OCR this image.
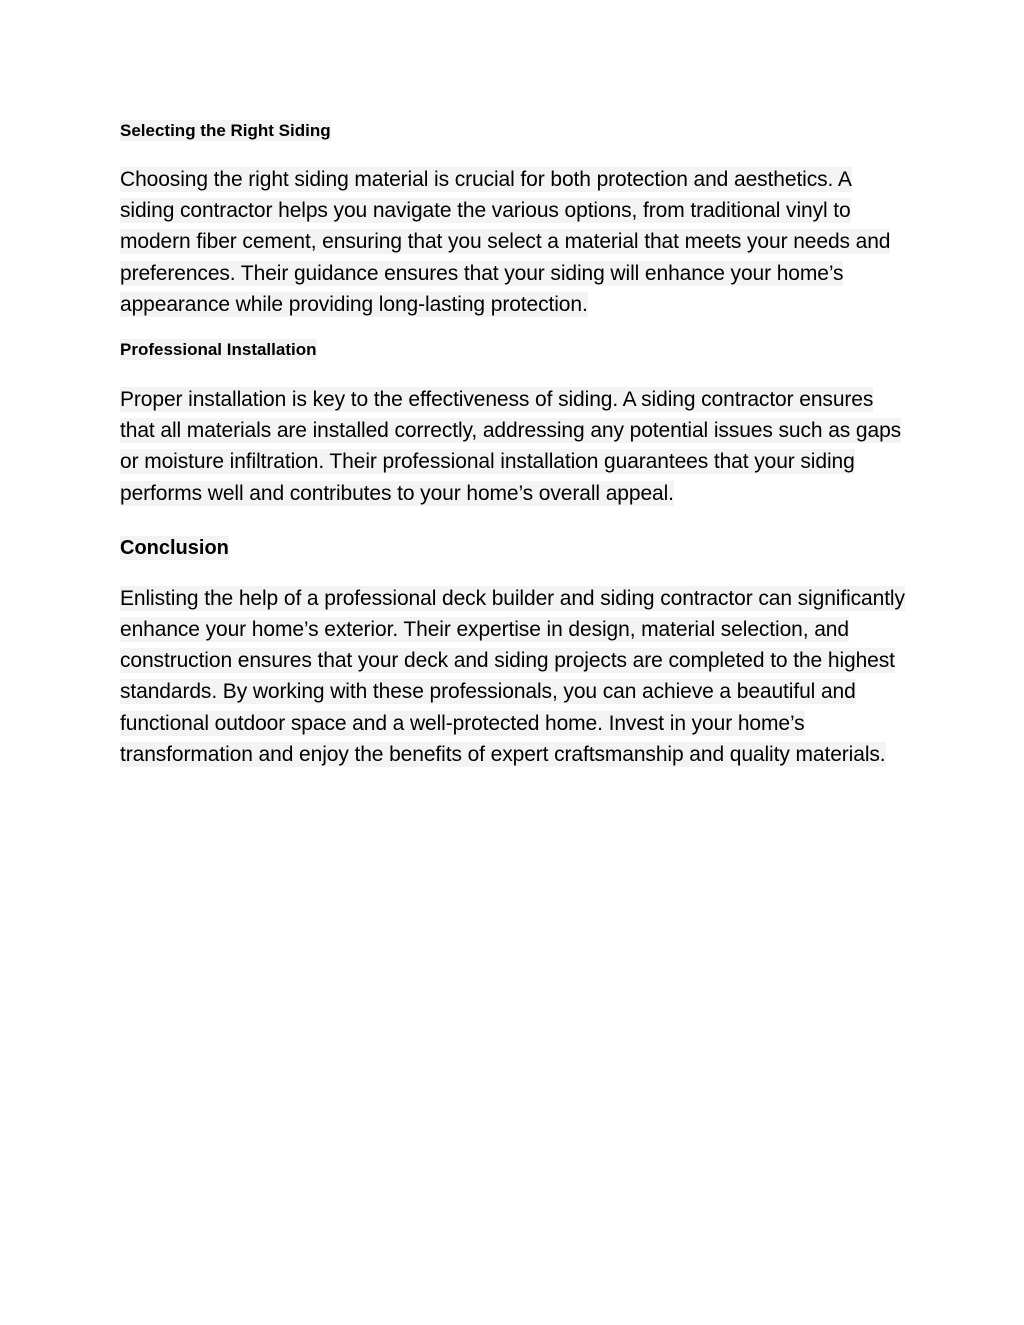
Selecting the Right Siding

Choosing the right siding material is crucial for both protection and aesthetics. A siding contractor helps you navigate the various options, from traditional vinyl to modern fiber cement, ensuring that you select a material that meets your needs and preferences. Their guidance ensures that your siding will enhance your home’s appearance while providing long-lasting protection.

Professional Installation

Proper installation is key to the effectiveness of siding. A siding contractor ensures that all materials are installed correctly, addressing any potential issues such as gaps or moisture infiltration. Their professional installation guarantees that your siding performs well and contributes to your home’s overall appeal.

Conclusion

Enlisting the help of a professional deck builder and siding contractor can significantly enhance your home’s exterior. Their expertise in design, material selection, and construction ensures that your deck and siding projects are completed to the highest standards. By working with these professionals, you can achieve a beautiful and functional outdoor space and a well-protected home. Invest in your home’s transformation and enjoy the benefits of expert craftsmanship and quality materials.
